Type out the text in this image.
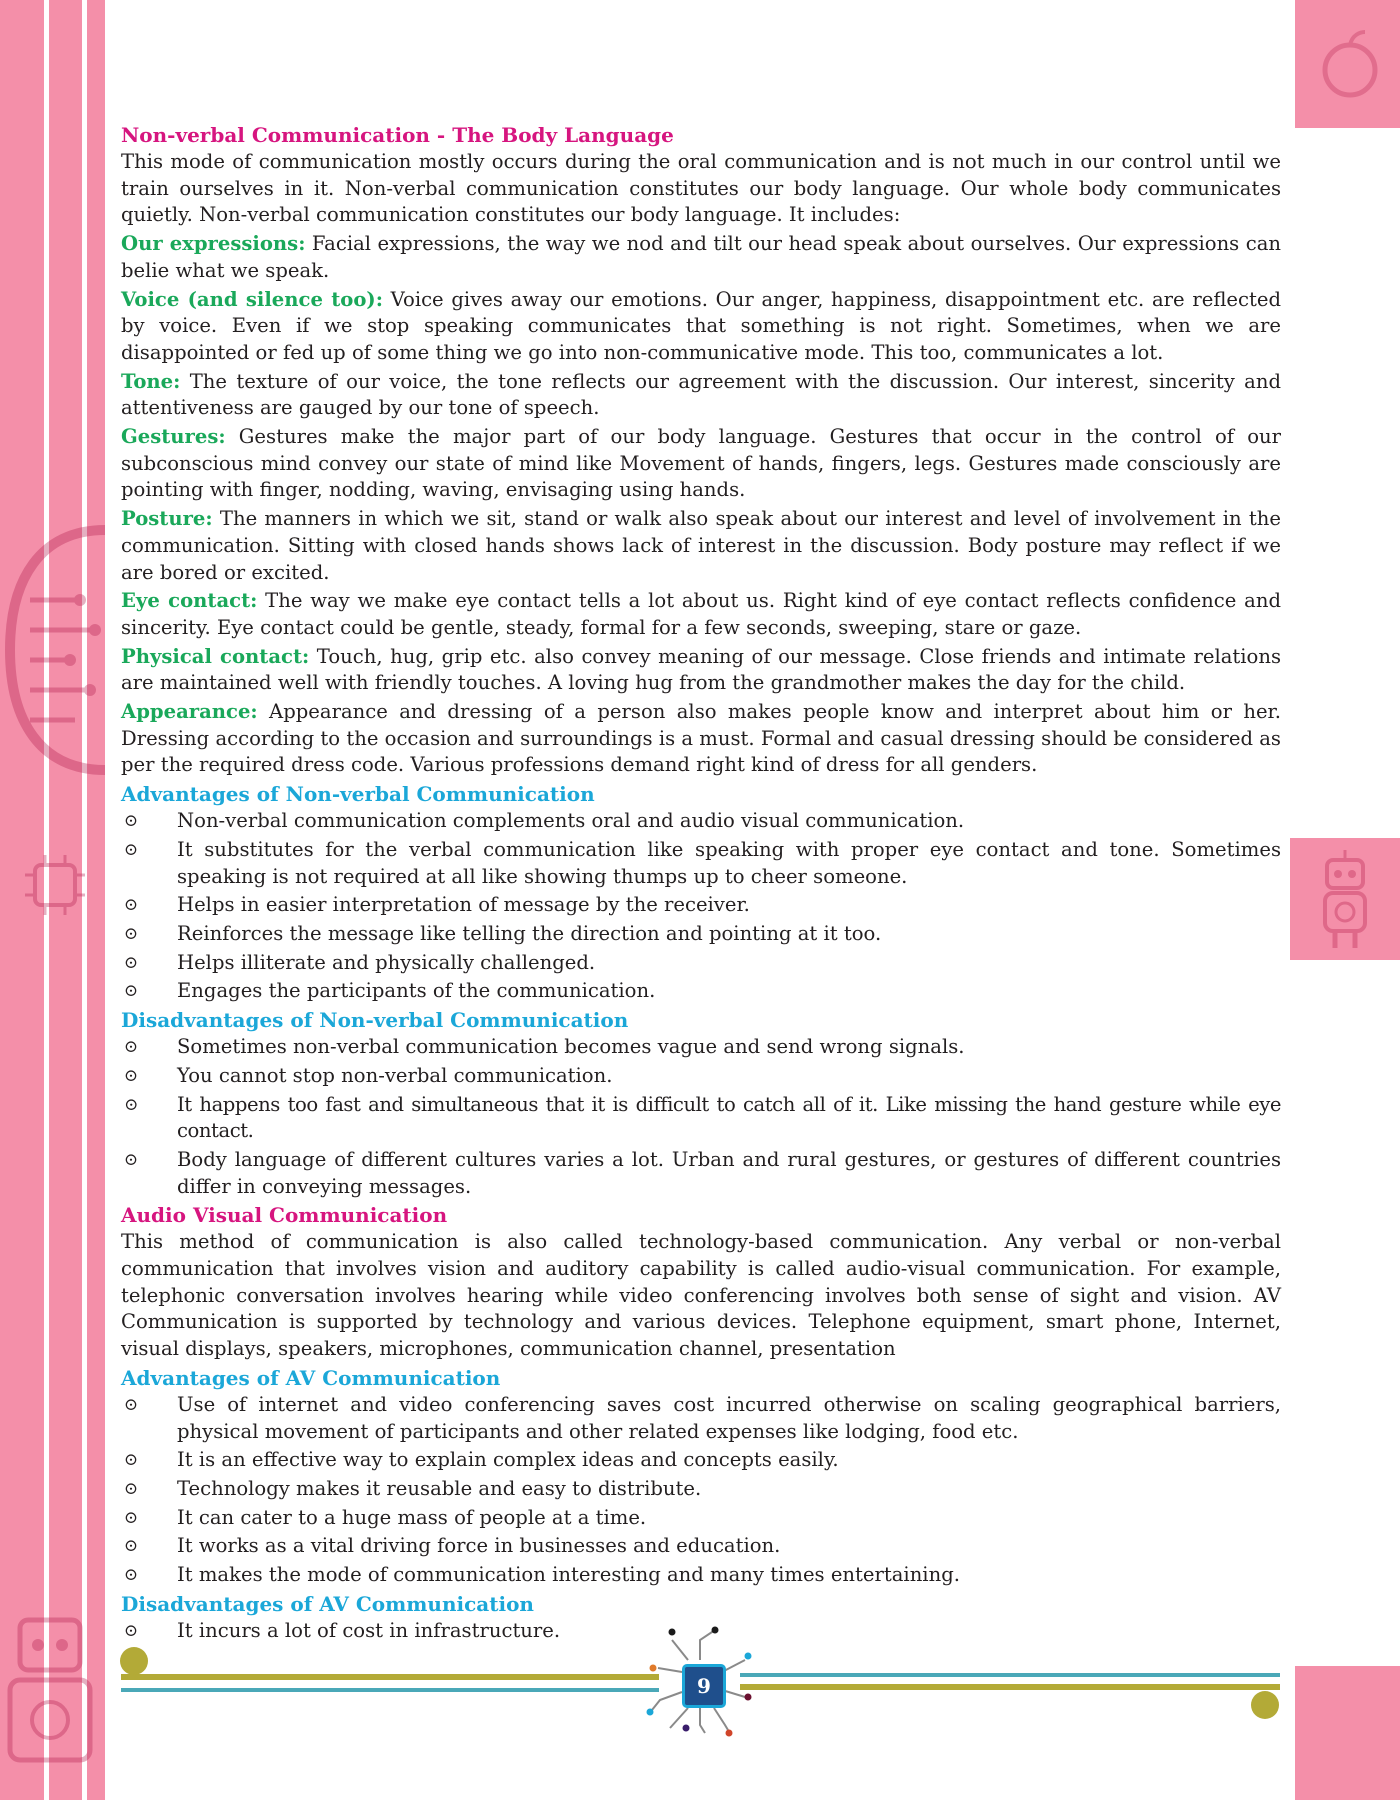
Non-verbal Communication - The Body Language

This mode of communication mostly occurs during the oral communication and is not much in our control until we train ourselves in it. Non-verbal communication constitutes our body language. Our whole body communicates quietly. Non-verbal communication constitutes our body language. It includes:

Our expressions: Facial expressions, the way we nod and tilt our head speak about ourselves. Our expressions can belie what we speak.

Voice (and silence too): Voice gives away our emotions. Our anger, happiness, disappointment etc. are reflected by voice. Even if we stop speaking communicates that something is not right. Sometimes, when we are disappointed or fed up of some thing we go into non-communicative mode. This too, communicates a lot.

Tone: The texture of our voice, the tone reflects our agreement with the discussion. Our interest, sincerity and attentiveness are gauged by our tone of speech.

Gestures: Gestures make the major part of our body language. Gestures that occur in the control of our subconscious mind convey our state of mind like Movement of hands, fingers, legs. Gestures made consciously are pointing with finger, nodding, waving, envisaging using hands.

Posture: The manners in which we sit, stand or walk also speak about our interest and level of involvement in the communication. Sitting with closed hands shows lack of interest in the discussion. Body posture may reflect if we are bored or excited.

Eye contact: The way we make eye contact tells a lot about us. Right kind of eye contact reflects confidence and sincerity. Eye contact could be gentle, steady, formal for a few seconds, sweeping, stare or gaze.

Physical contact: Touch, hug, grip etc. also convey meaning of our message. Close friends and intimate relations are maintained well with friendly touches. A loving hug from the grandmother makes the day for the child.

Appearance: Appearance and dressing of a person also makes people know and interpret about him or her. Dressing according to the occasion and surroundings is a must. Formal and casual dressing should be considered as per the required dress code. Various professions demand right kind of dress for all genders.

Advantages of Non-verbal Communication
⊙ Non-verbal communication complements oral and audio visual communication.
⊙ It substitutes for the verbal communication like speaking with proper eye contact and tone. Sometimes speaking is not required at all like showing thumps up to cheer someone.
⊙ Helps in easier interpretation of message by the receiver.
⊙ Reinforces the message like telling the direction and pointing at it too.
⊙ Helps illiterate and physically challenged.
⊙ Engages the participants of the communication.
Disadvantages of Non-verbal Communication
⊙ Sometimes non-verbal communication becomes vague and send wrong signals.
⊙ You cannot stop non-verbal communication.
⊙ It happens too fast and simultaneous that it is difficult to catch all of it. Like missing the hand gesture while eye contact.
⊙ Body language of different cultures varies a lot. Urban and rural gestures, or gestures of different countries differ in conveying messages.
Audio Visual Communication

This method of communication is also called technology-based communication. Any verbal or non-verbal communication that involves vision and auditory capability is called audio-visual communication. For example, telephonic conversation involves hearing while video conferencing involves both sense of sight and vision. AV Communication is supported by technology and various devices. Telephone equipment, smart phone, Internet, visual displays, speakers, microphones, communication channel, presentation

Advantages of AV Communication
⊙ Use of internet and video conferencing saves cost incurred otherwise on scaling geographical barriers, physical movement of participants and other related expenses like lodging, food etc.
⊙ It is an effective way to explain complex ideas and concepts easily.
⊙ Technology makes it reusable and easy to distribute.
⊙ It can cater to a huge mass of people at a time.
⊙ It works as a vital driving force in businesses and education.
⊙ It makes the mode of communication interesting and many times entertaining.
Disadvantages of AV Communication
⊙ It incurs a lot of cost in infrastructure.
9
